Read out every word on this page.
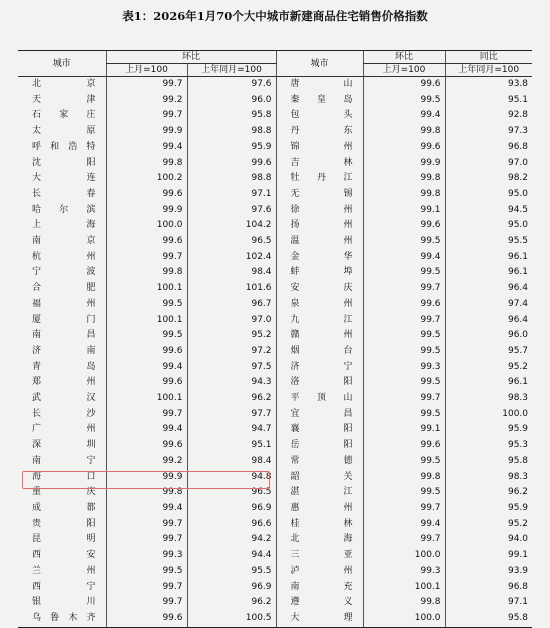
表1：2026年1月70个大中城市新建商品住宅销售价格指数
城市	环比		城市	环比	同比
	上月=100	上年同月=100		上月=100	上年同月=100
北京	99.7	97.6	唐山	99.6	93.8
天津	99.2	96.0	秦皇岛	99.5	95.1
石家庄	99.7	95.8	包头	99.4	92.8
太原	99.9	98.8	丹东	99.8	97.3
呼和浩特	99.4	95.9	锦州	99.6	96.8
沈阳	99.8	99.6	吉林	99.9	97.0
大连	100.2	98.8	牡丹江	99.8	98.2
长春	99.6	97.1	无锡	99.8	95.0
哈尔滨	99.9	97.6	徐州	99.1	94.5
上海	100.0	104.2	扬州	99.6	95.0
南京	99.6	96.5	温州	99.5	95.5
杭州	99.7	102.4	金华	99.4	96.1
宁波	99.8	98.4	蚌埠	99.5	96.1
合肥	100.1	101.6	安庆	99.7	96.4
福州	99.5	96.7	泉州	99.6	97.4
厦门	100.1	97.0	九江	99.7	96.4
南昌	99.5	95.2	赣州	99.5	96.0
济南	99.6	97.2	烟台	99.5	95.7
青岛	99.4	97.5	济宁	99.3	95.2
郑州	99.6	94.3	洛阳	99.5	96.1
武汉	100.1	96.2	平顶山	99.7	98.3
长沙	99.7	97.7	宜昌	99.5	100.0
广州	99.4	94.7	襄阳	99.1	95.9
深圳	99.6	95.1	岳阳	99.6	95.3
南宁	99.2	98.4	常德	99.5	95.8
海口	99.9	94.8	韶关	99.8	98.3
重庆	99.8	96.5	湛江	99.5	96.2
成都	99.4	96.9	惠州	99.7	95.9
贵阳	99.7	96.6	桂林	99.4	95.2
昆明	99.7	94.2	北海	99.7	94.0
西安	99.3	94.4	三亚	100.0	99.1
兰州	99.5	95.5	泸州	99.3	93.9
西宁	99.7	96.9	南充	100.1	96.8
银川	99.7	96.2	遵义	99.8	97.1
乌鲁木齐	99.6	100.5	大理	100.0	95.8
